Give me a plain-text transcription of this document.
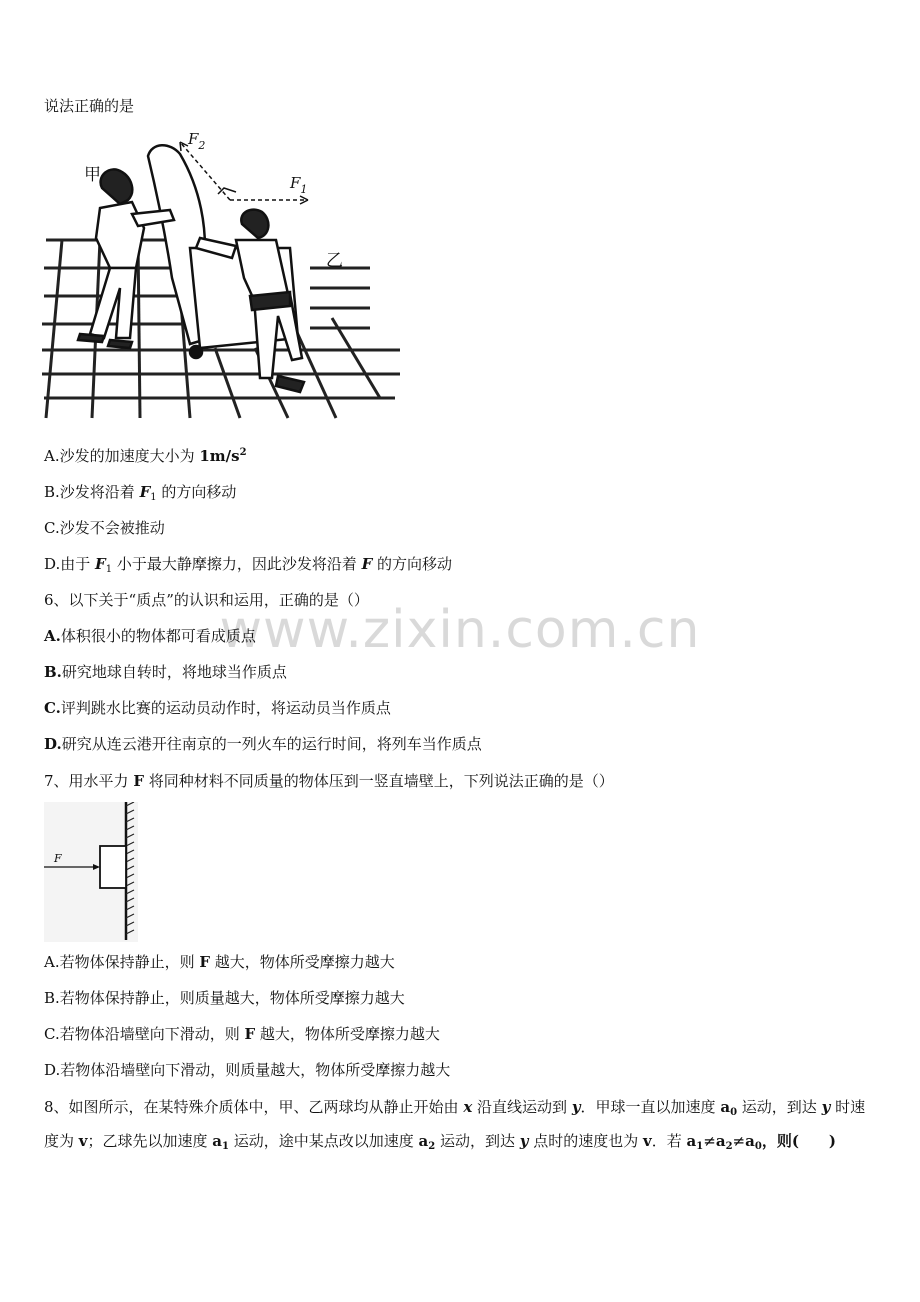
说法正确的是
甲
乙
$F_2$
$F_1$
A.沙发的加速度大小为 $1m/s^2$
B.沙发将沿着 $F_1$ 的方向移动
C.沙发不会被推动
D.由于 $F_1$ 小于最大静摩擦力，因此沙发将沿着 F 的方向移动
www.zixin.com.cn
6、以下关于“质点”的认识和运用，正确的是（）
A.体积很小的物体都可看成质点
B.研究地球自转时，将地球当作质点
C.评判跳水比赛的运动员动作时，将运动员当作质点
D.研究从连云港开往南京的一列火车的运行时间，将列车当作质点
7、用水平力 F 将同种材料不同质量的物体压到一竖直墙壁上，下列说法正确的是（）
F
A.若物体保持静止，则 F 越大，物体所受摩擦力越大
B.若物体保持静止，则质量越大，物体所受摩擦力越大
C.若物体沿墙壁向下滑动，则 F 越大，物体所受摩擦力越大
D.若物体沿墙壁向下滑动，则质量越大，物体所受摩擦力越大
8、如图所示，在某特殊介质体中，甲、乙两球均从静止开始由 x 沿直线运动到 y．甲球一直以加速度 $a_0$ 运动，到达 y 时速度为 v；乙球先以加速度 $a_1$ 运动，途中某点改以加速度 $a_2$ 运动，到达 y 点时的速度也为 v．若 $a_1\ne a_2\ne a_0$，则(　　)
